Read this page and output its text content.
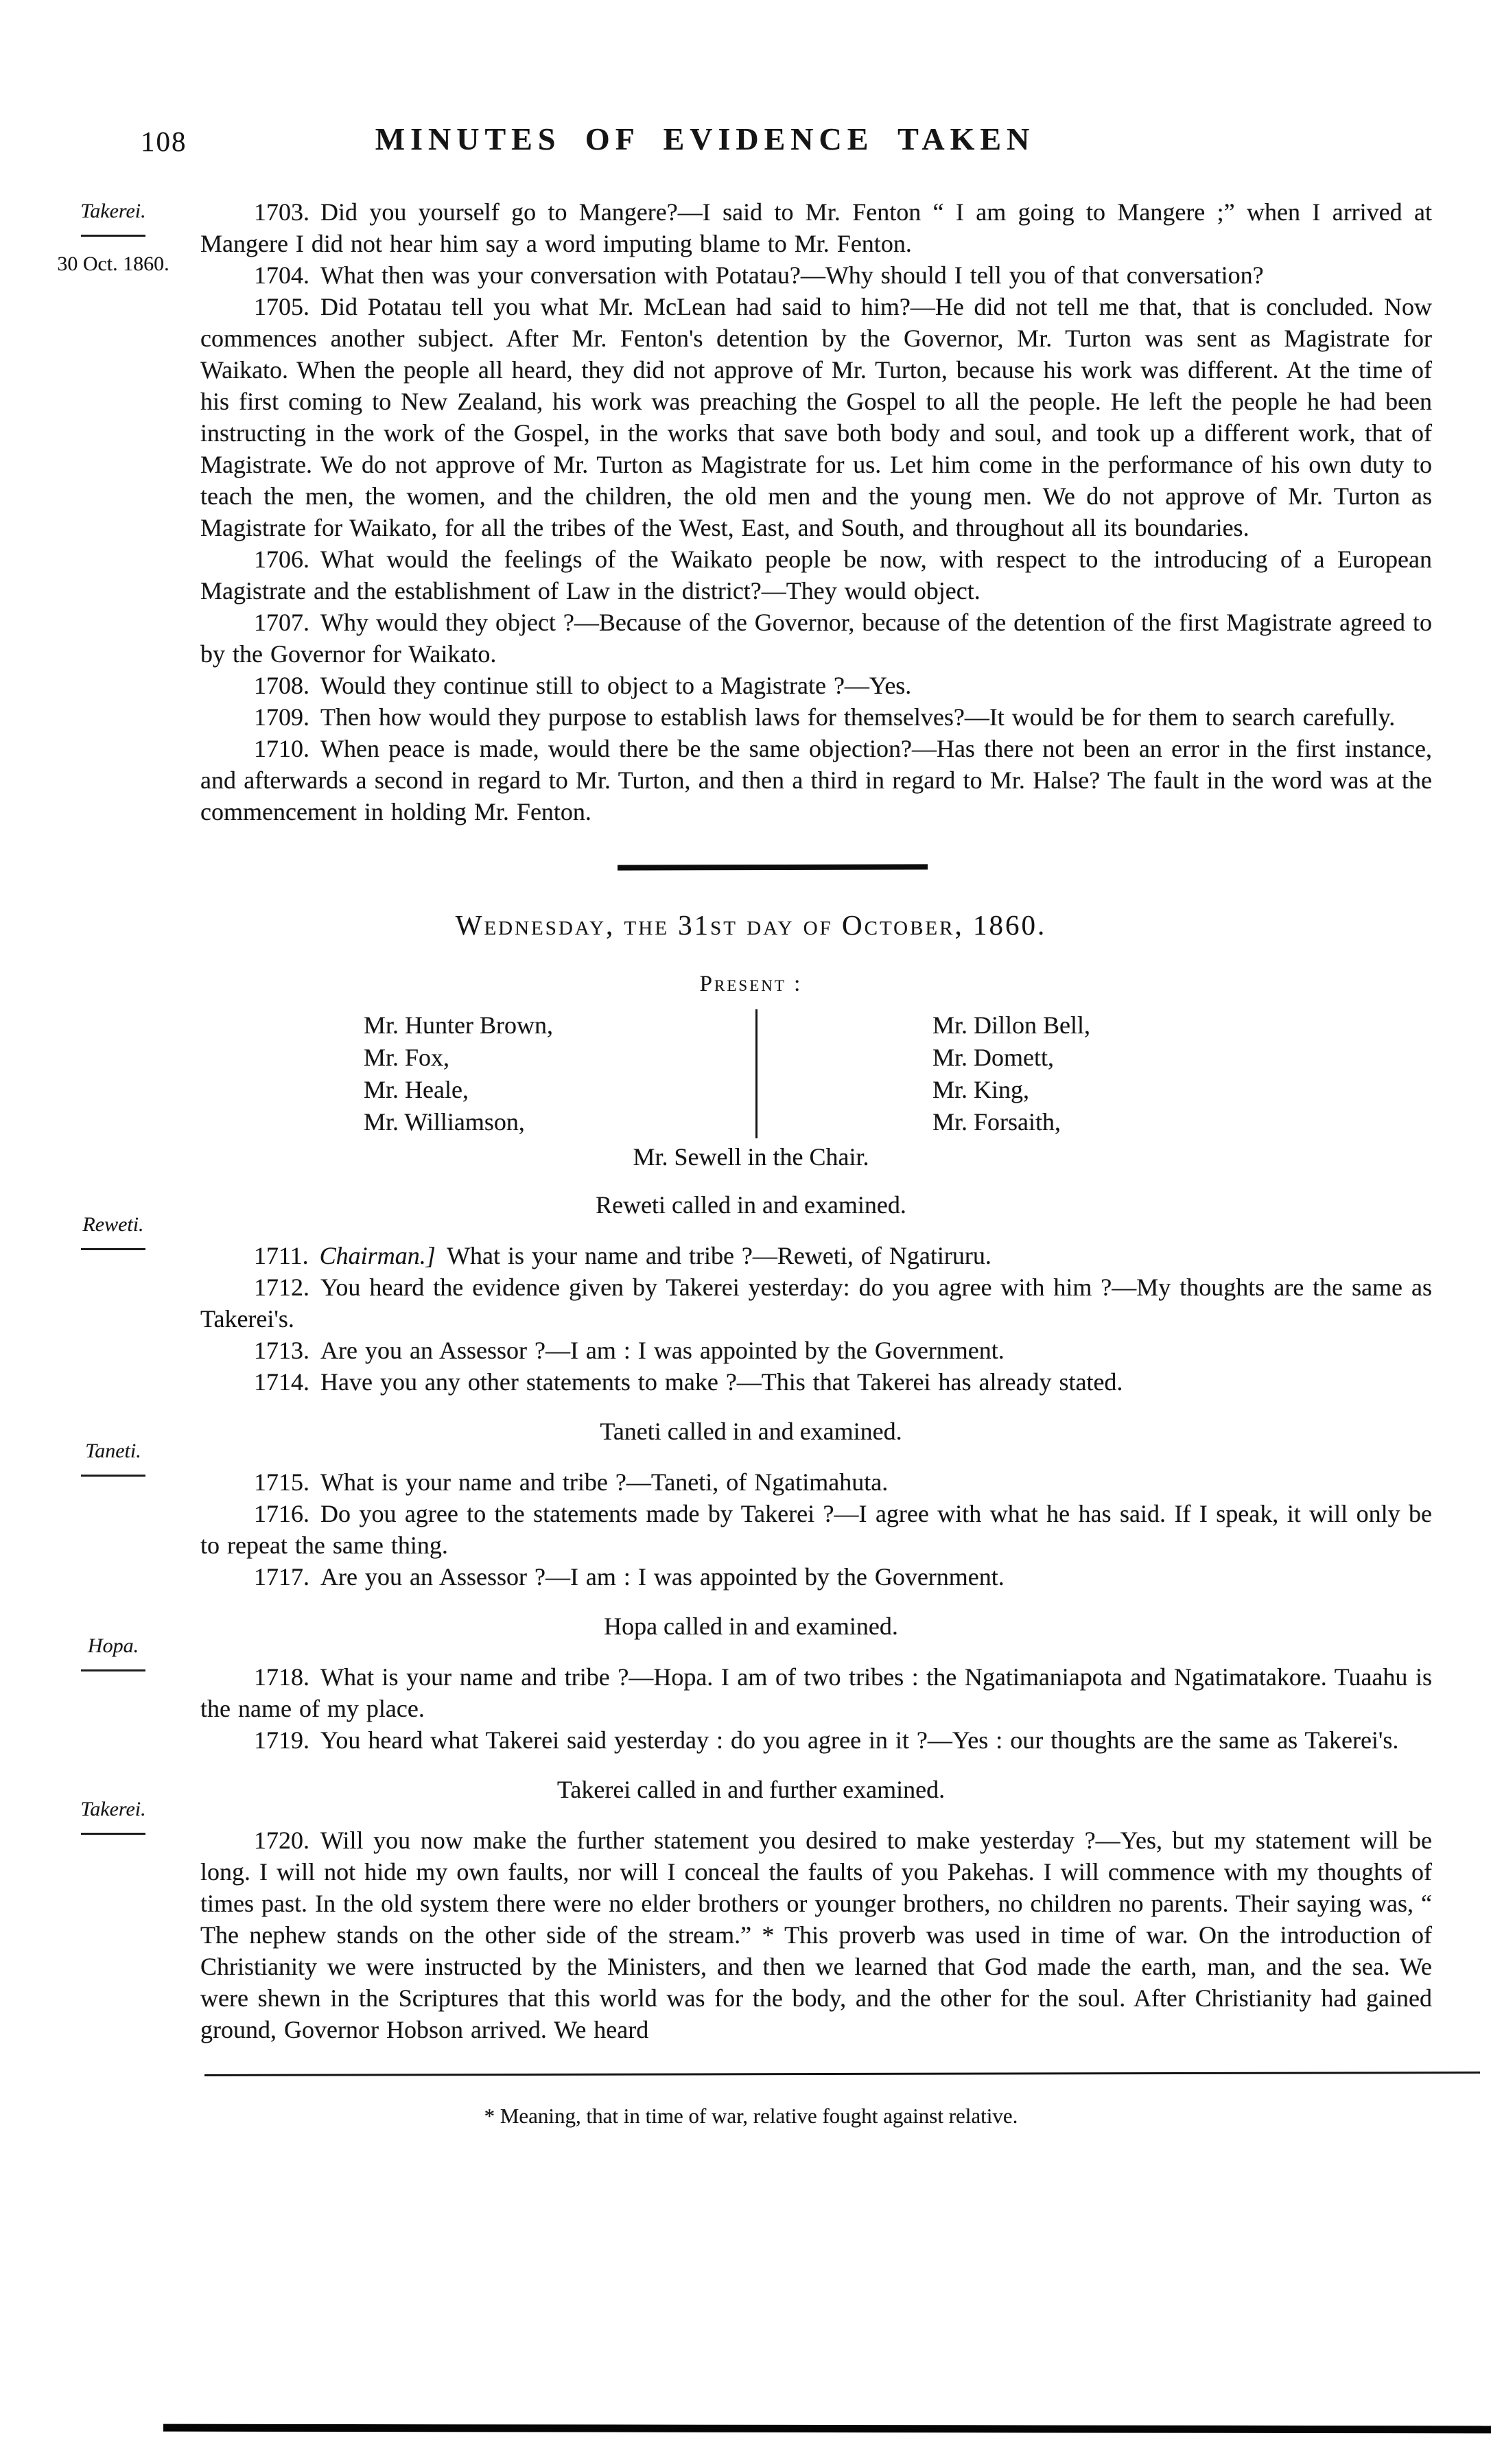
108	MINUTES OF EVIDENCE TAKEN
Takerei.
30 Oct. 1860.

1703. Did you yourself go to Mangere?—I said to Mr. Fenton “ I am going to Mangere ;” when I arrived at Mangere I did not hear him say a word imputing blame to Mr. Fenton.

1704. What then was your conversation with Potatau?—Why should I tell you of that conversation?

1705. Did Potatau tell you what Mr. McLean had said to him?—He did not tell me that, that is concluded. Now commences another subject. After Mr. Fenton's detention by the Governor, Mr. Turton was sent as Magistrate for Waikato. When the people all heard, they did not approve of Mr. Turton, because his work was different. At the time of his first coming to New Zealand, his work was preaching the Gospel to all the people. He left the people he had been instructing in the work of the Gospel, in the works that save both body and soul, and took up a different work, that of Magistrate. We do not approve of Mr. Turton as Magistrate for us. Let him come in the performance of his own duty to teach the men, the women, and the children, the old men and the young men. We do not approve of Mr. Turton as Magistrate for Waikato, for all the tribes of the West, East, and South, and throughout all its boundaries.

1706. What would the feelings of the Waikato people be now, with respect to the introducing of a European Magistrate and the establishment of Law in the district?—They would object.

1707. Why would they object ?—Because of the Governor, because of the detention of the first Magistrate agreed to by the Governor for Waikato.

1708. Would they continue still to object to a Magistrate ?—Yes.

1709. Then how would they purpose to establish laws for themselves?—It would be for them to search carefully.

1710. When peace is made, would there be the same objection?—Has there not been an error in the first instance, and afterwards a second in regard to Mr. Turton, and then a third in regard to Mr. Halse? The fault in the word was at the commencement in holding Mr. Fenton.

Wednesday, the 31st day of October, 1860.
Present :
Mr. Hunter Brown,
Mr. Fox,
Mr. Heale,
Mr. Williamson,
Mr. Dillon Bell,
Mr. Domett,
Mr. King,
Mr. Forsaith,
Mr. Sewell in the Chair.
Reweti.
Reweti called in and examined.

1711. Chairman.] What is your name and tribe ?—Reweti, of Ngatiruru.

1712. You heard the evidence given by Takerei yesterday: do you agree with him ?—My thoughts are the same as Takerei's.

1713. Are you an Assessor ?—I am : I was appointed by the Government.

1714. Have you any other statements to make ?—This that Takerei has already stated.

Taneti.
Taneti called in and examined.

1715. What is your name and tribe ?—Taneti, of Ngatimahuta.

1716. Do you agree to the statements made by Takerei ?—I agree with what he has said. If I speak, it will only be to repeat the same thing.

1717. Are you an Assessor ?—I am : I was appointed by the Government.

Hopa.
Hopa called in and examined.

1718. What is your name and tribe ?—Hopa. I am of two tribes : the Ngatimaniapota and Ngatimatakore. Tuaahu is the name of my place.

1719. You heard what Takerei said yesterday : do you agree in it ?—Yes : our thoughts are the same as Takerei's.

Takerei.
Takerei called in and further examined.

1720. Will you now make the further statement you desired to make yesterday ?—Yes, but my statement will be long. I will not hide my own faults, nor will I conceal the faults of you Pakehas. I will commence with my thoughts of times past. In the old system there were no elder brothers or younger brothers, no children no parents. Their saying was, “ The nephew stands on the other side of the stream.” * This proverb was used in time of war. On the introduction of Christianity we were instructed by the Ministers, and then we learned that God made the earth, man, and the sea. We were shewn in the Scriptures that this world was for the body, and the other for the soul. After Christianity had gained ground, Governor Hobson arrived. We heard

* Meaning, that in time of war, relative fought against relative.
